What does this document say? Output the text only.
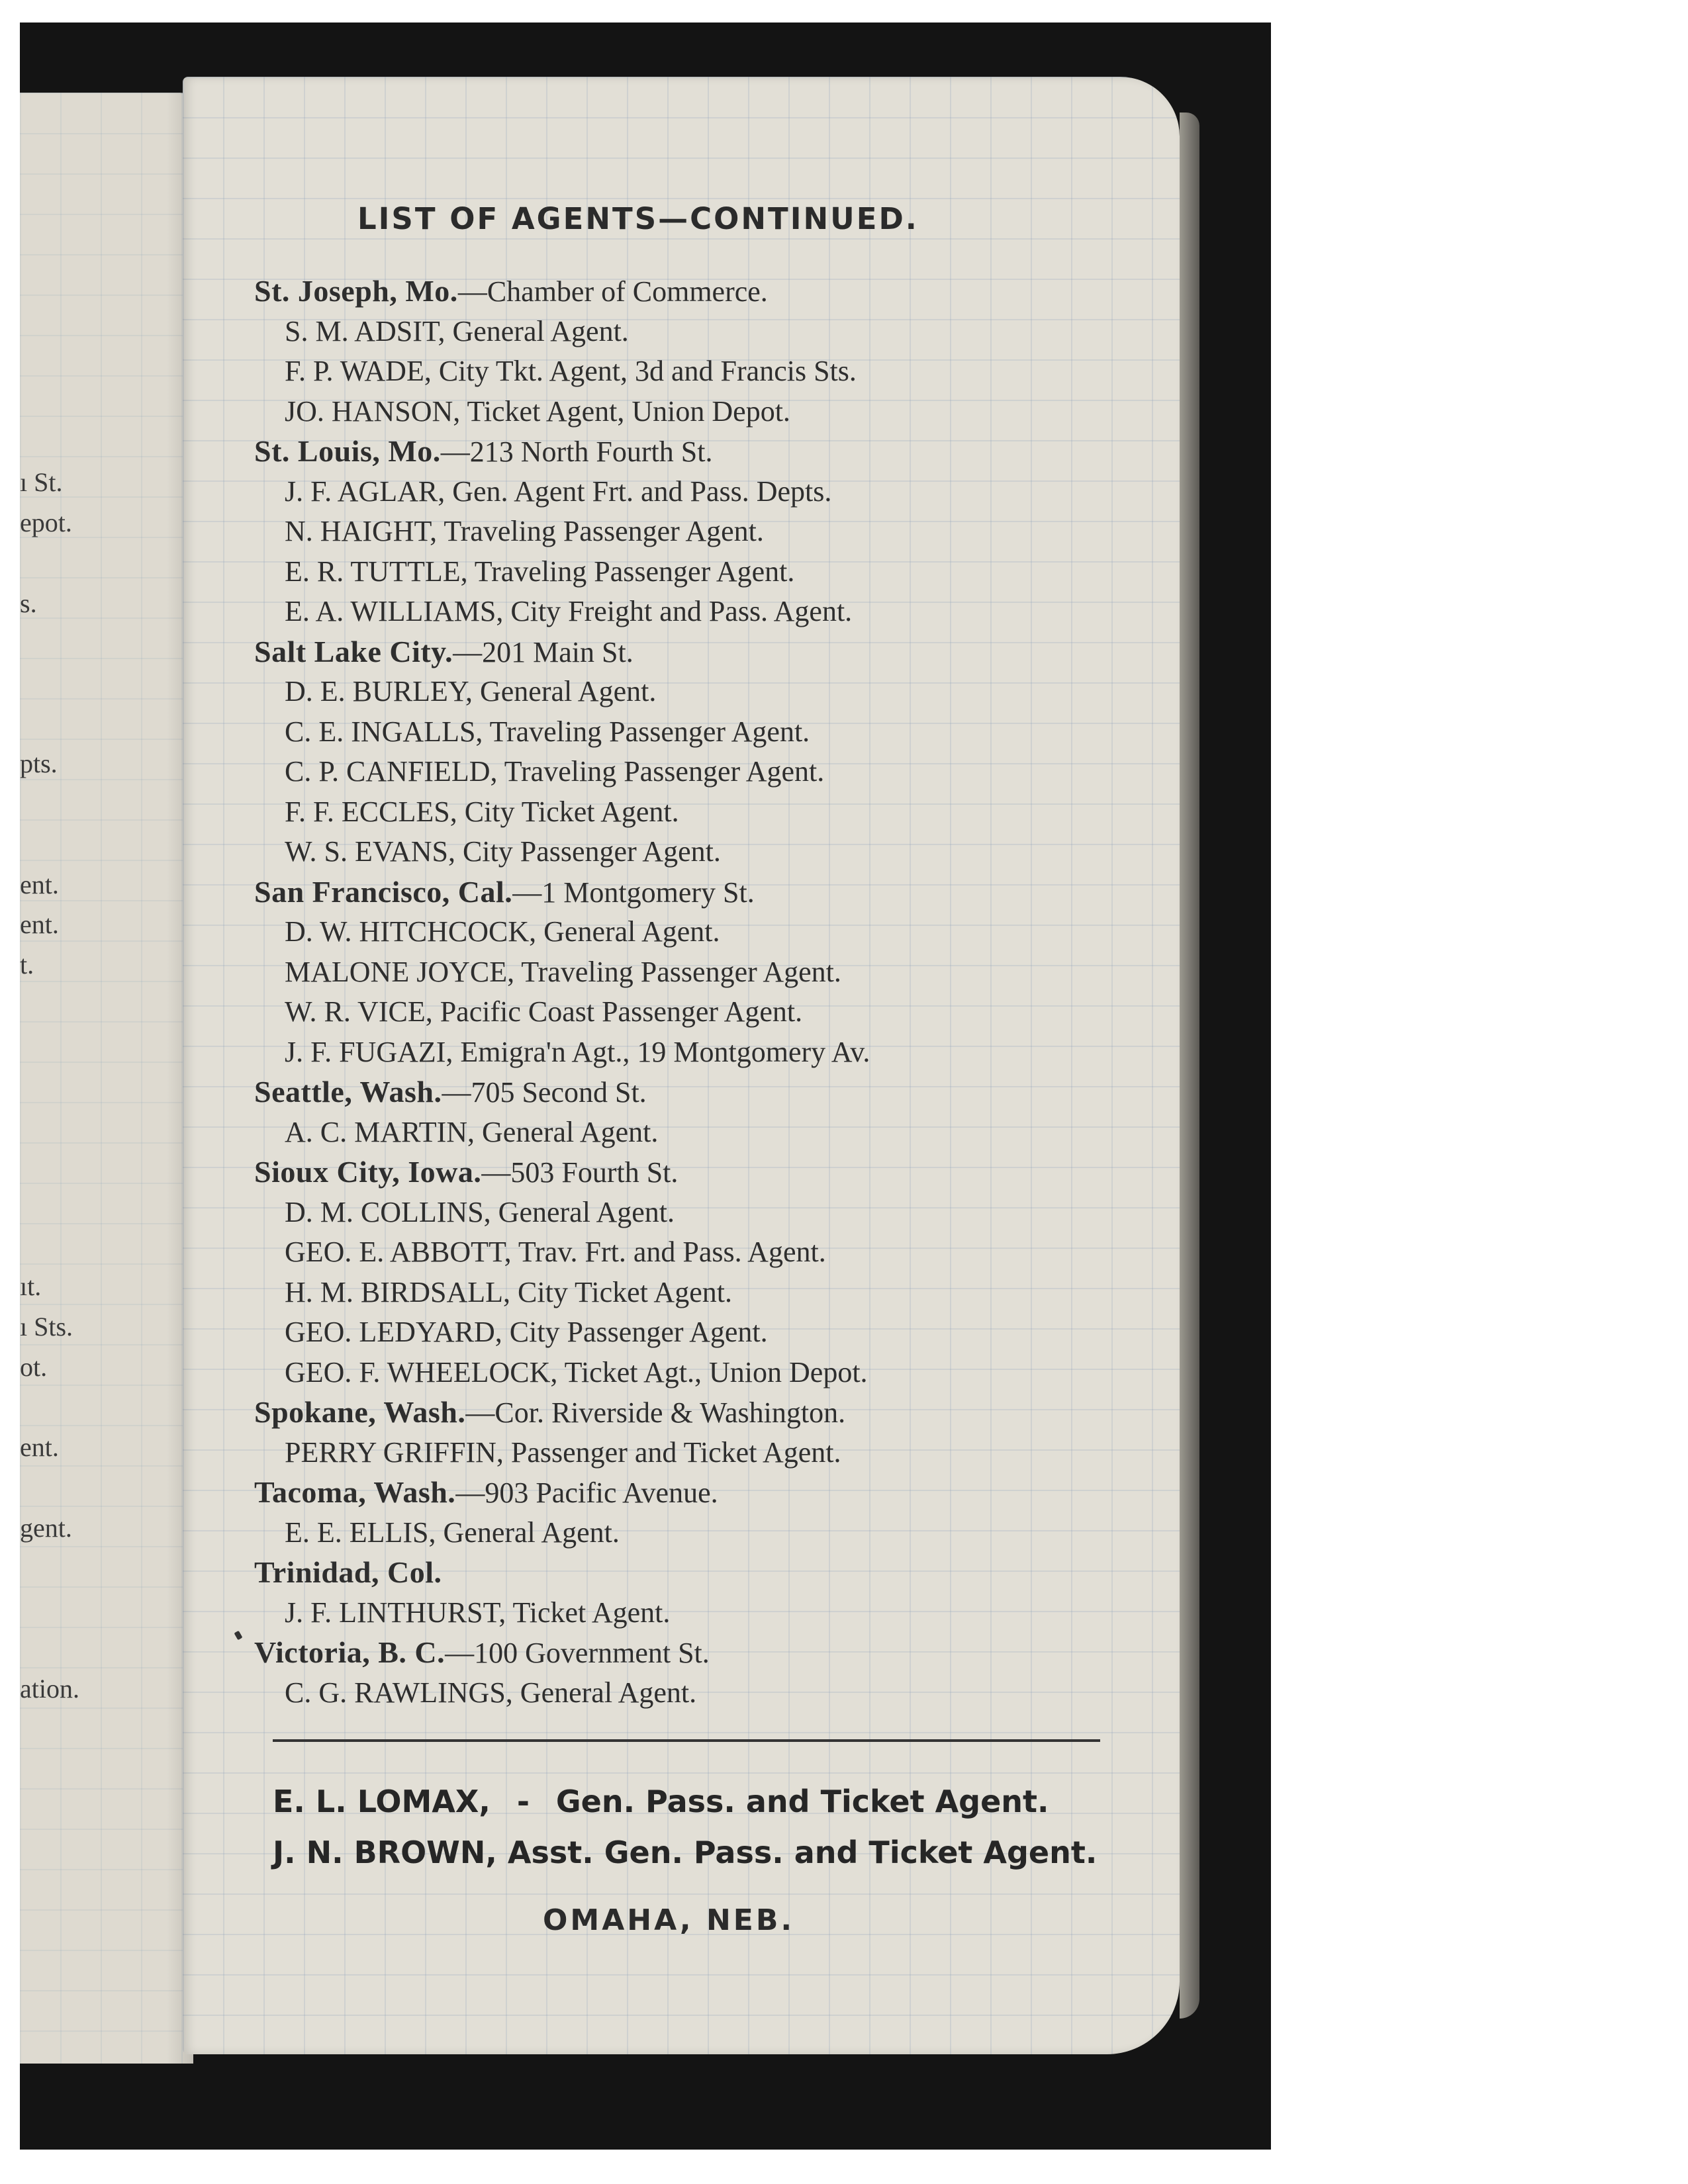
ı St.
epot.
s.
pts.
ent.
ent.
t.
ıt.
ı Sts.
ot.
ent.
gent.
ation.
LIST OF AGENTS—CONTINUED.
St. Joseph, Mo.—Chamber of Commerce.
S. M. ADSIT, General Agent.
F. P. WADE, City Tkt. Agent, 3d and Francis Sts.
JO. HANSON, Ticket Agent, Union Depot.
St. Louis, Mo.—213 North Fourth St.
J. F. AGLAR, Gen. Agent Frt. and Pass. Depts.
N. HAIGHT, Traveling Passenger Agent.
E. R. TUTTLE, Traveling Passenger Agent.
E. A. WILLIAMS, City Freight and Pass. Agent.
Salt Lake City.—201 Main St.
D. E. BURLEY, General Agent.
C. E. INGALLS, Traveling Passenger Agent.
C. P. CANFIELD, Traveling Passenger Agent.
F. F. ECCLES, City Ticket Agent.
W. S. EVANS, City Passenger Agent.
San Francisco, Cal.—1 Montgomery St.
D. W. HITCHCOCK, General Agent.
MALONE JOYCE, Traveling Passenger Agent.
W. R. VICE, Pacific Coast Passenger Agent.
J. F. FUGAZI, Emigra'n Agt., 19 Montgomery Av.
Seattle, Wash.—705 Second St.
A. C. MARTIN, General Agent.
Sioux City, Iowa.—503 Fourth St.
D. M. COLLINS, General Agent.
GEO. E. ABBOTT, Trav. Frt. and Pass. Agent.
H. M. BIRDSALL, City Ticket Agent.
GEO. LEDYARD, City Passenger Agent.
GEO. F. WHEELOCK, Ticket Agt., Union Depot.
Spokane, Wash.—Cor. Riverside & Washington.
PERRY GRIFFIN, Passenger and Ticket Agent.
Tacoma, Wash.—903 Pacific Avenue.
E. E. ELLIS, General Agent.
Trinidad, Col.
J. F. LINTHURST, Ticket Agent.
Victoria, B. C.—100 Government St.
C. G. RAWLINGS, General Agent.
E. L. LOMAX, - Gen. Pass. and Ticket Agent.
J. N. BROWN, Asst. Gen. Pass. and Ticket Agent.
OMAHA, NEB.
